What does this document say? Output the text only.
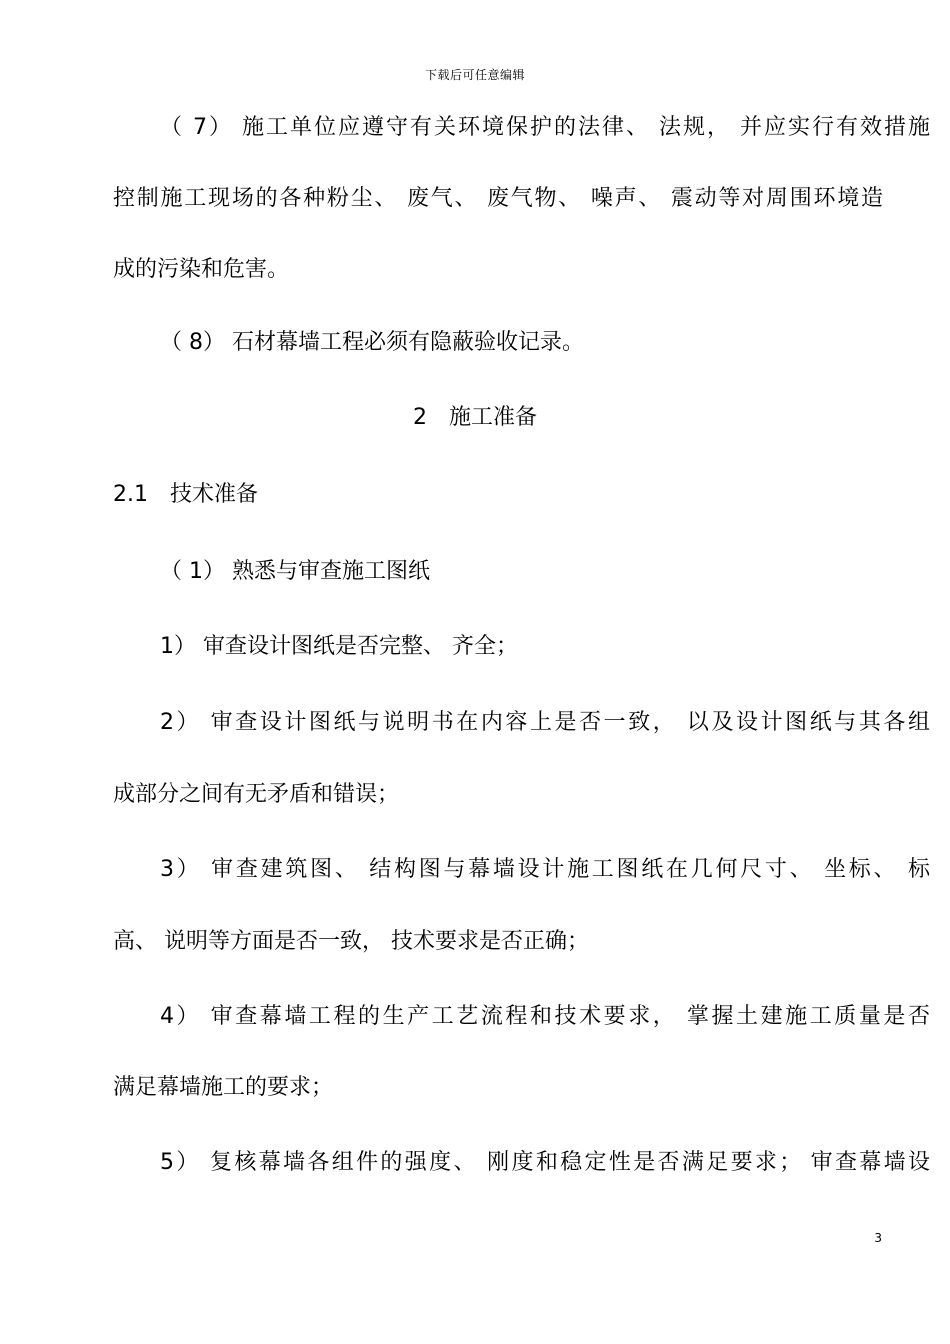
下载后可任意编辑
（ 7） 施工单位应遵守有关环境保护的法律、 法规， 并应实行有效措施
控制施工现场的各种粉尘、 废气、 废气物、 噪声、 震动等对周围环境造
成的污染和危害。
（ 8） 石材幕墙工程必须有隐蔽验收记录。
2　施工准备
2.1　技术准备
（ 1） 熟悉与审查施工图纸
1） 审查设计图纸是否完整、 齐全；
2） 审查设计图纸与说明书在内容上是否一致， 以及设计图纸与其各组
成部分之间有无矛盾和错误；
3） 审查建筑图、 结构图与幕墙设计施工图纸在几何尺寸、 坐标、 标
高、 说明等方面是否一致， 技术要求是否正确；
4） 审查幕墙工程的生产工艺流程和技术要求， 掌握土建施工质量是否
满足幕墙施工的要求；
5） 复核幕墙各组件的强度、 刚度和稳定性是否满足要求； 审查幕墙设
3
